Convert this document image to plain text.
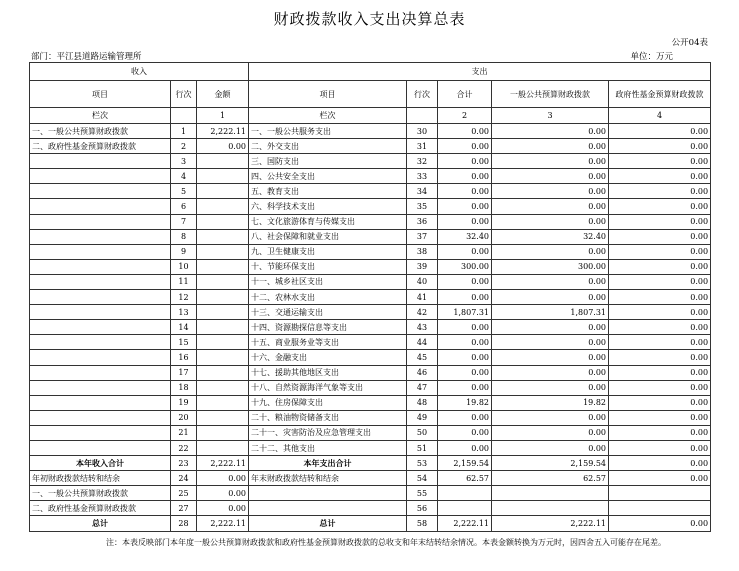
财政拨款收入支出决算总表
公开04表
部门：平江县道路运输管理所	单位：万元
收入			支出				
项目	行次	金额	项目	行次	合计	一般公共预算财政拨款	政府性基金预算财政拨款
栏次		1	栏次		2	3	4
一、一般公共预算财政拨款	1	2,222.11	一、一般公共服务支出	30	0.00	0.00	0.00
二、政府性基金预算财政拨款	2	0.00	二、外交支出	31	0.00	0.00	0.00
	3		三、国防支出	32	0.00	0.00	0.00
	4		四、公共安全支出	33	0.00	0.00	0.00
	5		五、教育支出	34	0.00	0.00	0.00
	6		六、科学技术支出	35	0.00	0.00	0.00
	7		七、文化旅游体育与传媒支出	36	0.00	0.00	0.00
	8		八、社会保障和就业支出	37	32.40	32.40	0.00
	9		九、卫生健康支出	38	0.00	0.00	0.00
	10		十、节能环保支出	39	300.00	300.00	0.00
	11		十一、城乡社区支出	40	0.00	0.00	0.00
	12		十二、农林水支出	41	0.00	0.00	0.00
	13		十三、交通运输支出	42	1,807.31	1,807.31	0.00
	14		十四、资源勘探信息等支出	43	0.00	0.00	0.00
	15		十五、商业服务业等支出	44	0.00	0.00	0.00
	16		十六、金融支出	45	0.00	0.00	0.00
	17		十七、援助其他地区支出	46	0.00	0.00	0.00
	18		十八、自然资源海洋气象等支出	47	0.00	0.00	0.00
	19		十九、住房保障支出	48	19.82	19.82	0.00
	20		二十、粮油物资储备支出	49	0.00	0.00	0.00
	21		二十一、灾害防治及应急管理支出	50	0.00	0.00	0.00
	22		二十二、其他支出	51	0.00	0.00	0.00
本年收入合计	23	2,222.11	本年支出合计	53	2,159.54	2,159.54	0.00
年初财政拨款结转和结余	24	0.00	年末财政拨款结转和结余	54	62.57	62.57	0.00
一、一般公共预算财政拨款	25	0.00		55			
二、政府性基金预算财政拨款	27	0.00		56			
总计	28	2,222.11	总计	58	2,222.11	2,222.11	0.00
注：本表反映部门本年度一般公共预算财政拨款和政府性基金预算财政拨款的总收支和年末结转结余情况。本表金额转换为万元时，因四舍五入可能存在尾差。
